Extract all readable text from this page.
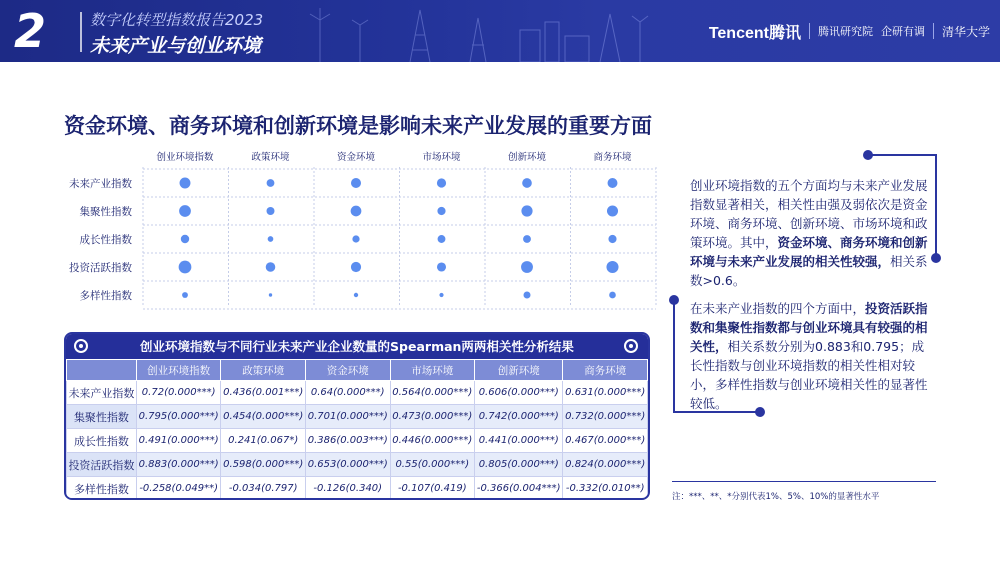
2	数字化转型指数报告2023
未来产业与创业环境
Tencent腾讯 腾讯研究院 企研有调 清华大学
资金环境、商务环境和创新环境是影响未来产业发展的重要方面
创业环境指数	政策环境	资金环境	市场环境	创新环境	商务环境
未来产业指数
集聚性指数
成长性指数
投资活跃指数
多样性指数
创业环境指数与不同行业未来产业企业数量的Spearman两两相关性分析结果
	创业环境指数	政策环境	资金环境	市场环境	创新环境	商务环境
未来产业指数	0.72(0.000***)	0.436(0.001***)	0.64(0.000***)	0.564(0.000***)	0.606(0.000***)	0.631(0.000***)
集聚性指数	0.795(0.000***)	0.454(0.000***)	0.701(0.000***)	0.473(0.000***)	0.742(0.000***)	0.732(0.000***)
成长性指数	0.491(0.000***)	0.241(0.067*)	0.386(0.003***)	0.446(0.000***)	0.441(0.000***)	0.467(0.000***)
投资活跃指数	0.883(0.000***)	0.598(0.000***)	0.653(0.000***)	0.55(0.000***)	0.805(0.000***)	0.824(0.000***)
多样性指数	-0.258(0.049**)	-0.034(0.797)	-0.126(0.340)	-0.107(0.419)	-0.366(0.004***)	-0.332(0.010**)

创业环境指数的五个方面均与未来产业发展指数显著相关，相关性由强及弱依次是资金环境、商务环境、创新环境、市场环境和政策环境。其中，资金环境、商务环境和创新环境与未来产业发展的相关性较强，相关系数>0.6。

在未来产业指数的四个方面中，投资活跃指数和集聚性指数都与创业环境具有较强的相关性，相关系数分别为0.883和0.795；成长性指数与创业环境指数的相关性相对较小，多样性指数与创业环境相关性的显著性较低。

注：***、**、*分别代表1%、5%、10%的显著性水平
